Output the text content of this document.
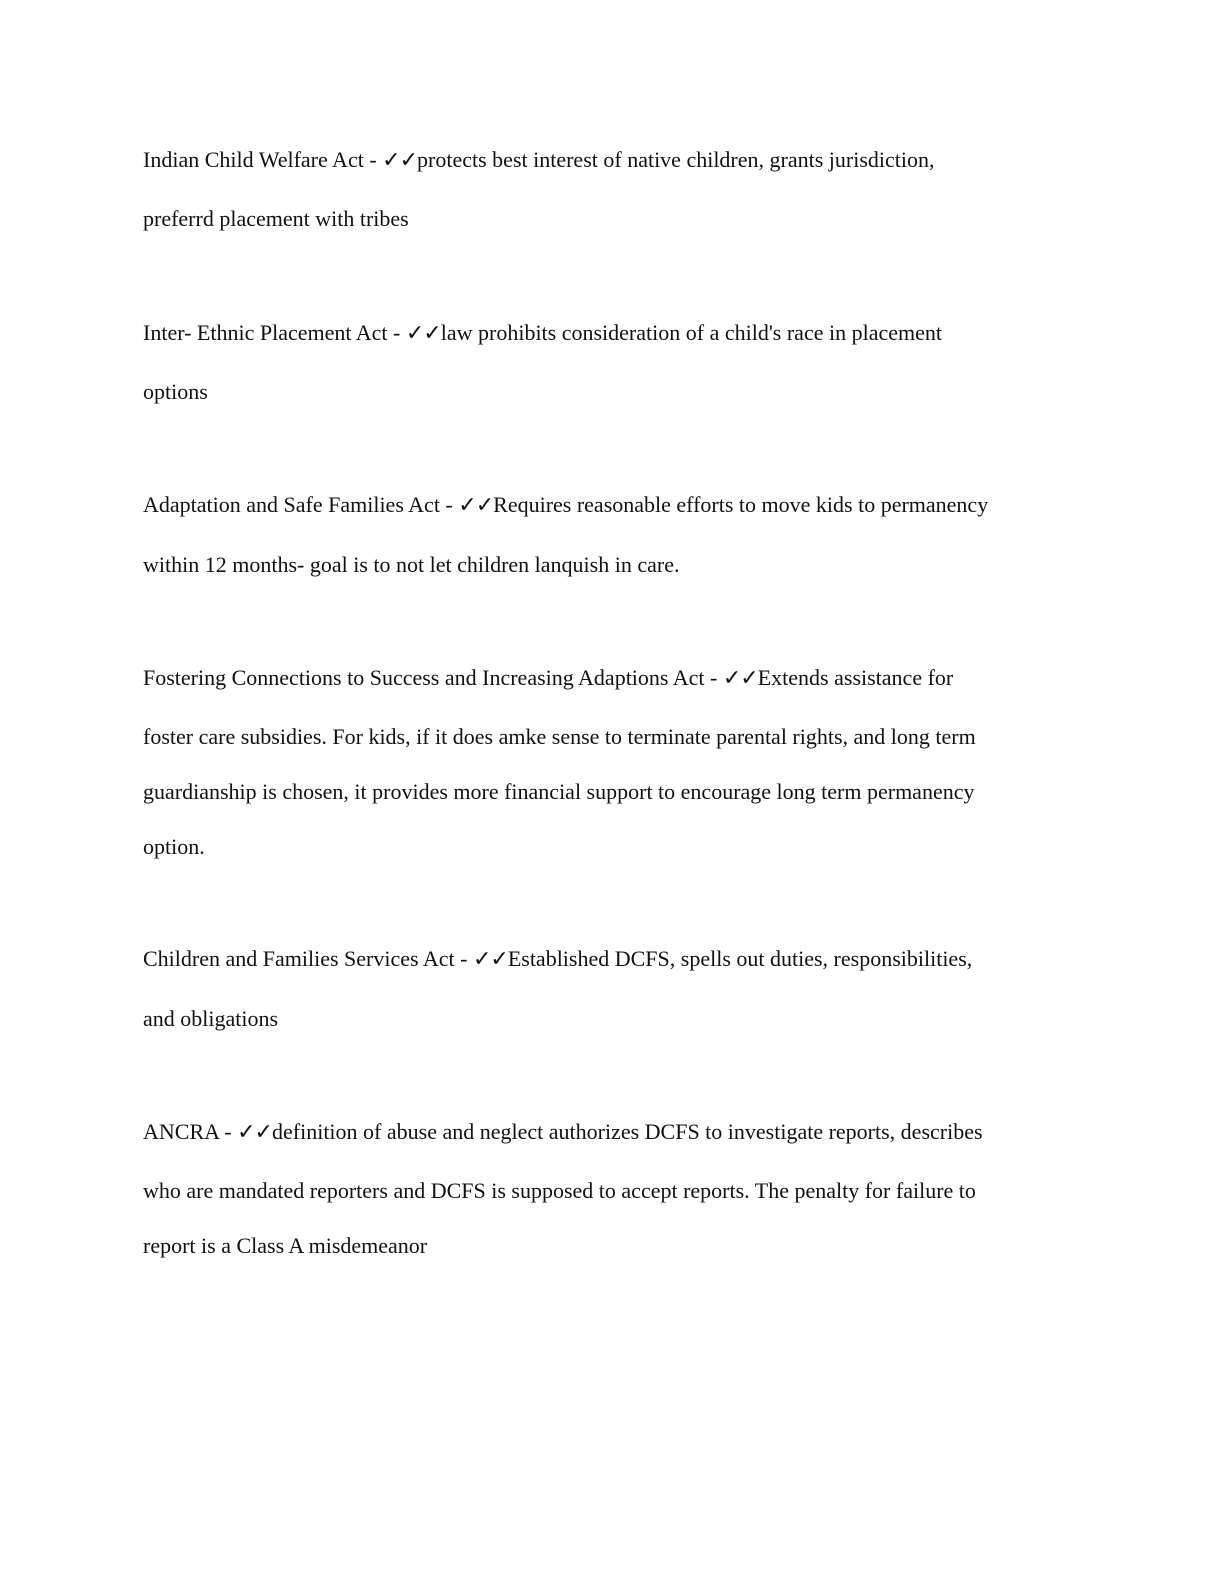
Indian Child Welfare Act - ✓✓protects best interest of native children, grants jurisdiction,
preferrd placement with tribes
Inter- Ethnic Placement Act - ✓✓law prohibits consideration of a child's race in placement
options
Adaptation and Safe Families Act - ✓✓Requires reasonable efforts to move kids to permanency
within 12 months- goal is to not let children lanquish in care.
Fostering Connections to Success and Increasing Adaptions Act - ✓✓Extends assistance for
foster care subsidies. For kids, if it does amke sense to terminate parental rights, and long term
guardianship is chosen, it provides more financial support to encourage long term permanency
option.
Children and Families Services Act - ✓✓Established DCFS, spells out duties, responsibilities,
and obligations
ANCRA - ✓✓definition of abuse and neglect authorizes DCFS to investigate reports, describes
who are mandated reporters and DCFS is supposed to accept reports. The penalty for failure to
report is a Class A misdemeanor
